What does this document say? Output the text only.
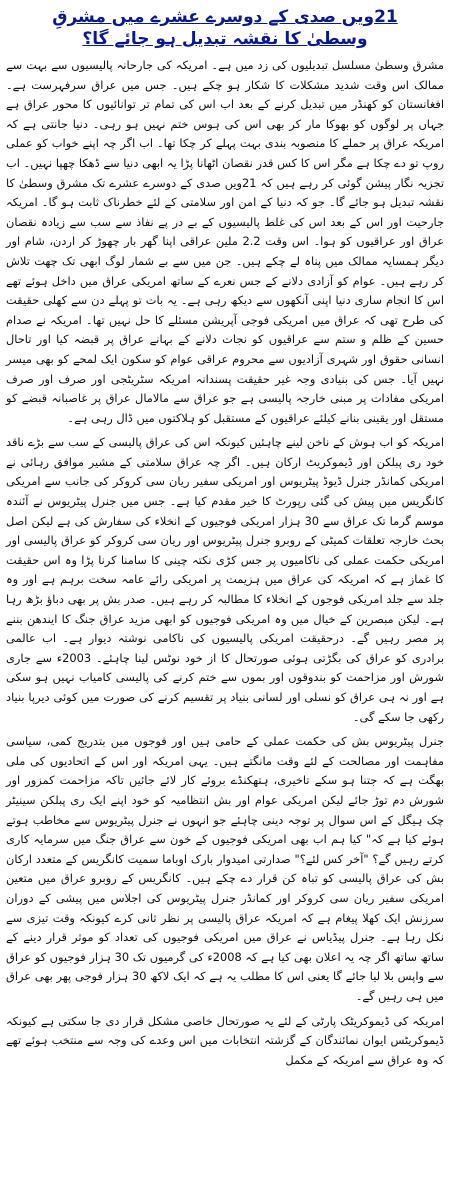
21ویں صدی کے دوسرے عشرے میں مشرقِ
وسطیٰ کا نقشہ تبدیل ہو جائے گا؟

مشرق وسطیٰ مسلسل تبدیلیوں کی زد میں ہے۔ امریکہ کی جارحانہ پالیسیوں سے بہت سے ممالک اس وقت شدید مشکلات کا شکار ہو چکے ہیں۔ جس میں عراق سرفہرست ہے۔ افغانستان کو کھنڈر میں تبدیل کرنے کے بعد اب اس کی تمام تر توانائیوں کا محور عراق ہے جہاں پر لوگوں کو بھوکا مار کر بھی اس کی ہوس ختم نہیں ہو رہی۔ دنیا جانتی ہے کہ امریکہ عراق پر حملے کا منصوبہ بندی بہت پہلے کر چکا تھا۔ اب اگر چہ اپنے خواب کو عملی روپ تو دے چکا ہے مگر اس کا کس قدر نقصان اٹھانا پڑا یہ ابھی دنیا سے ڈھکا چھپا نہیں۔ اب تجزیہ نگار پیشن گوئی کر رہے ہیں کہ 21ویں صدی کے دوسرے عشرے تک مشرق وسطیٰ کا نقشہ تبدیل ہو جائے گا۔ جو کہ دنیا کے امن اور سلامتی کے لئے خطرناک ثابت ہو گا۔ امریکہ جارحیت اور اس کے بعد اس کی غلط پالیسیوں کے بے در پے نفاذ سے سب سے زیادہ نقصان عراق اور عراقیوں کو ہوا۔ اس وقت 2.2 ملین عراقی اپنا گھر بار چھوڑ کر اردن، شام اور دیگر ہمسایہ ممالک میں پناہ لے چکے ہیں۔ جن میں سے بے شمار لوگ ابھی تک چھت تلاش کر رہے ہیں۔ عوام کو آزادی دلانے کے جس نعرے کے ساتھ امریکی عراق میں داخل ہوئے تھے اس کا انجام ساری دنیا اپنی آنکھوں سے دیکھ رہی ہے۔ یہ بات تو پہلے دن سے کھلی حقیقت کی طرح تھی کہ عراق میں امریکی فوجی آپریشن مسئلے کا حل نہیں تھا۔ امریکہ نے صدام حسین کے ظلم و ستم سے عراقیوں کو نجات دلانے کے بہانے عراق پر قبضہ کیا اور تاحال انسانی حقوق اور شہری آزادیوں سے محروم عراقی عوام کو سکون ایک لمحے کو بھی میسر نہیں آیا۔ جس کی بنیادی وجہ غیر حقیقت پسندانہ امریکہ سٹریٹجی اور صرف اور صرف امریکی مفادات پر مبنی خارجہ پالیسی ہے جو عراق سے مالامال عراق پر غاصبانہ قبضے کو مستقل اور یقینی بنانے کیلئے عراقیوں کے مستقبل کو ہلاکتوں میں ڈال رہی ہے۔

امریکہ کو اب ہوش کے ناخن لینے چاہئیں کیونکہ اس کی عراق پالیسی کے سب سے بڑے ناقد خود ری پبلکن اور ڈیموکریٹ ارکان ہیں۔ اگر چہ عراق سلامتی کے مشیر موافق رہائی نے امریکی کمانڈر جنرل ڈیوڈ پیٹریوس اور امریکی سفیر ریان سی کروکر کی جانب سے امریکی کانگریس میں پیش کی گئی رپورٹ کا خیر مقدم کیا ہے۔ جس میں جنرل پیٹریوس نے آئندہ موسم گرما تک عراق سے 30 ہزار امریکی فوجیوں کے انخلاء کی سفارش کی ہے لیکن اصل بحث خارجہ تعلقات کمیٹی کے روبرو جنرل پیٹریوس اور ریان سی کروکر کو عراق پالیسی اور امریکی حکمت عملی کی ناکامیوں پر جس کڑی نکتہ چینی کا سامنا کرنا پڑا وہ اس حقیقت کا غماز ہے کہ امریکہ کی عراق میں ہزیمت پر امریکی رائے عامہ سخت برہم ہے اور وہ جلد سے جلد امریکی فوجوں کے انخلاء کا مطالبہ کر رہے ہیں۔ صدر بش پر بھی دباؤ بڑھ رہا ہے۔ لیکن مبصرین کے خیال میں وہ امریکی فوجیوں کو ابھی مزید عراق جنگ کا ایندھن بننے پر مصر رہیں گے۔ درحقیقت امریکی پالیسیوں کی ناکامی نوشتہ دیوار ہے۔ اب عالمی برادری کو عراق کی بگڑتی ہوئی صورتحال کا از خود نوٹس لینا چاہئے۔ 2003ء سے جاری شورش اور مزاحمت کو بندوقوں اور بموں سے ختم کرنے کی پالیسی کامیاب نہیں ہو سکی ہے اور نہ ہی عراق کو نسلی اور لسانی بنیاد پر تقسیم کرنے کی صورت میں کوئی دیرپا بنیاد رکھی جا سکے گی۔

جنرل پیٹریوس بش کی حکمت عملی کے حامی ہیں اور فوجوں میں بتدریج کمی، سیاسی مفاہمت اور مصالحت کے لئے وقت مانگتے ہیں۔ یہی امریکہ اور اس کے اتحادیوں کی ملی بھگت ہے کہ جتنا ہو سکے تاخیری، ہتھکنڈے بروئے کار لائے جائیں تاکہ مزاحمت کمزور اور شورش دم توڑ جائے لیکن امریکی عوام اور بش انتظامیہ کو خود اپنے ایک ری پبلکن سینیٹر چک ہیگل کے اس سوال پر توجہ دینی چاہئے جو انہوں نے جنرل پیٹریوس سے مخاطب ہوتے ہوئے کیا ہے کہ" کیا ہم اب بھی امریکی فوجیوں کے خون سے عراق جنگ میں سرمایہ کاری کرتے رہیں گے؟ "آخر کس لئے؟" صدارتی امیدوار بارک اوباما سمیت کانگریس کے متعدد ارکان بش کی عراق پالیسی کو تباہ کن قرار دے چکے ہیں۔ کانگریس کے روبرو عراق میں متعین امریکی سفیر ریان سی کروکر اور کمانڈر جنرل پیٹریوس کی اجلاس میں پیشی کے دوران سرزنش ایک کھلا پیغام ہے کہ امریکہ عراق پالیسی پر نظر ثانی کرے کیونکہ وقت تیزی سے نکل رہا ہے۔ جنرل پیڈیاس نے عراق میں امریکی فوجیوں کی تعداد کو موثر قرار دینے کے ساتھ ساتھ اگر چہ یہ اعلان بھی کیا ہے کہ 2008ء کی گرمیوں تک 30 ہزار فوجیوں کو عراق سے واپس بلا لیا جائے گا یعنی اس کا مطلب یہ ہے کہ ایک لاکھ 30 ہزار فوجی پھر بھی عراق میں ہی رہیں گے۔

امریکہ کی ڈیموکریٹک پارٹی کے لئے یہ صورتحال خاصی مشکل قرار دی جا سکتی ہے کیونکہ ڈیموکریٹس ایوان نمائندگان کے گزشتہ انتخابات میں اس وعدے کی وجہ سے منتخب ہوئے تھے کہ وہ عراق سے امریکہ کے مکمل
